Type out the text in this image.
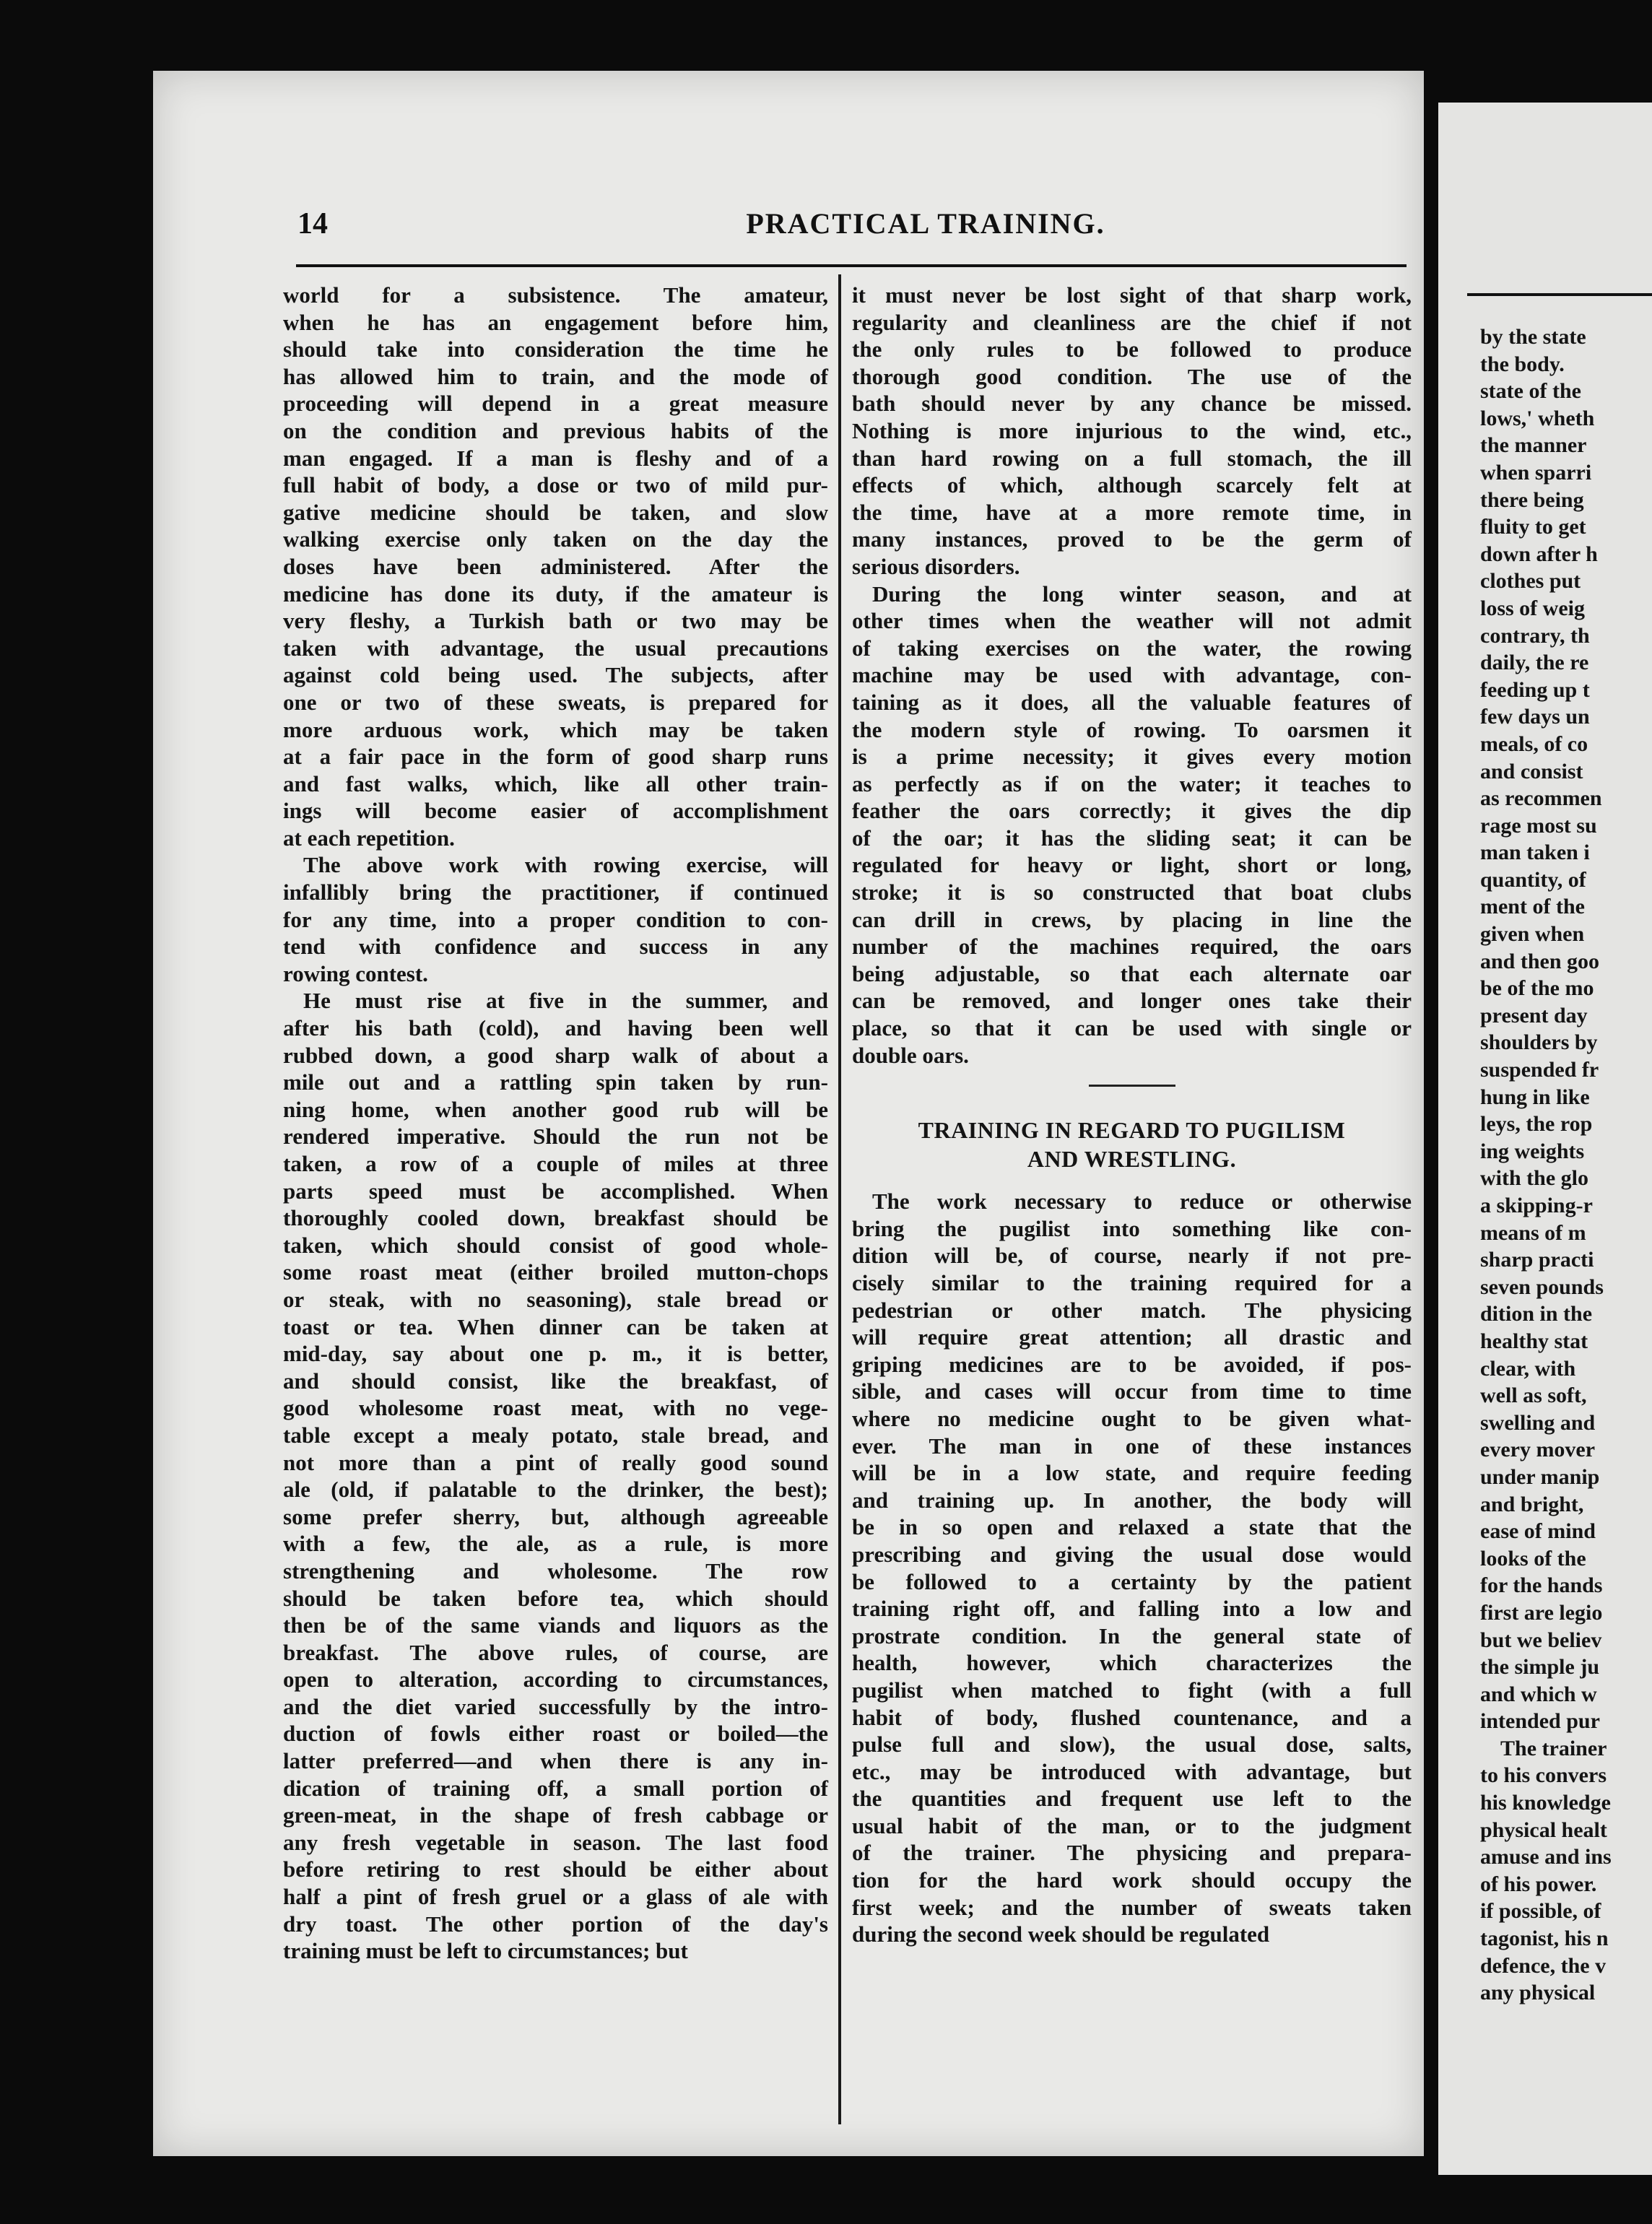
by the state
the body.
state of the
lows,' wheth
the manner
when sparri
there being
fluity to get
down after h
clothes put
loss of weig
contrary, th
daily, the re
feeding up t
few days un
meals, of co
and consist
as recommen
rage most su
man taken i
quantity, of
ment of the
given when
and then goo
be of the mo
present day
shoulders by
suspended fr
hung in like
leys, the rop
ing weights
with the glo
a skipping-r
means of m
sharp practi
seven pounds
dition in the
healthy stat
clear, with
well as soft,
swelling and
every mover
under manip
and bright,
ease of mind
looks of the
for the hands
first are legio
but we believ
the simple ju
and which w
intended pur
The trainer
to his convers
his knowledge
physical healt
amuse and ins
of his power.
if possible, of
tagonist, his n
defence, the v
any physical
14	PRACTICAL TRAINING.
world for a subsistence. The amateur,
when he has an engagement before him,
should take into consideration the time he
has allowed him to train, and the mode of
proceeding will depend in a great measure
on the condition and previous habits of the
man engaged. If a man is fleshy and of a
full habit of body, a dose or two of mild pur-
gative medicine should be taken, and slow
walking exercise only taken on the day the
doses have been administered. After the
medicine has done its duty, if the amateur is
very fleshy, a Turkish bath or two may be
taken with advantage, the usual precautions
against cold being used. The subjects, after
one or two of these sweats, is prepared for
more arduous work, which may be taken
at a fair pace in the form of good sharp runs
and fast walks, which, like all other train-
ings will become easier of accomplishment
at each repetition.
The above work with rowing exercise, will
infallibly bring the practitioner, if continued
for any time, into a proper condition to con-
tend with confidence and success in any
rowing contest.
He must rise at five in the summer, and
after his bath (cold), and having been well
rubbed down, a good sharp walk of about a
mile out and a rattling spin taken by run-
ning home, when another good rub will be
rendered imperative. Should the run not be
taken, a row of a couple of miles at three
parts speed must be accomplished. When
thoroughly cooled down, breakfast should be
taken, which should consist of good whole-
some roast meat (either broiled mutton-chops
or steak, with no seasoning), stale bread or
toast or tea. When dinner can be taken at
mid-day, say about one p. m., it is better,
and should consist, like the breakfast, of
good wholesome roast meat, with no vege-
table except a mealy potato, stale bread, and
not more than a pint of really good sound
ale (old, if palatable to the drinker, the best);
some prefer sherry, but, although agreeable
with a few, the ale, as a rule, is more
strengthening and wholesome. The row
should be taken before tea, which should
then be of the same viands and liquors as the
breakfast. The above rules, of course, are
open to alteration, according to circumstances,
and the diet varied successfully by the intro-
duction of fowls either roast or boiled—the
latter preferred—and when there is any in-
dication of training off, a small portion of
green-meat, in the shape of fresh cabbage or
any fresh vegetable in season. The last food
before retiring to rest should be either about
half a pint of fresh gruel or a glass of ale with
dry toast. The other portion of the day's
training must be left to circumstances; but
it must never be lost sight of that sharp work,
regularity and cleanliness are the chief if not
the only rules to be followed to produce
thorough good condition. The use of the
bath should never by any chance be missed.
Nothing is more injurious to the wind, etc.,
than hard rowing on a full stomach, the ill
effects of which, although scarcely felt at
the time, have at a more remote time, in
many instances, proved to be the germ of
serious disorders.
During the long winter season, and at
other times when the weather will not admit
of taking exercises on the water, the rowing
machine may be used with advantage, con-
taining as it does, all the valuable features of
the modern style of rowing. To oarsmen it
is a prime necessity; it gives every motion
as perfectly as if on the water; it teaches to
feather the oars correctly; it gives the dip
of the oar; it has the sliding seat; it can be
regulated for heavy or light, short or long,
stroke; it is so constructed that boat clubs
can drill in crews, by placing in line the
number of the machines required, the oars
being adjustable, so that each alternate oar
can be removed, and longer ones take their
place, so that it can be used with single or
double oars.
TRAINING IN REGARD TO PUGILISM
AND WRESTLING.
The work necessary to reduce or otherwise
bring the pugilist into something like con-
dition will be, of course, nearly if not pre-
cisely similar to the training required for a
pedestrian or other match. The physicing
will require great attention; all drastic and
griping medicines are to be avoided, if pos-
sible, and cases will occur from time to time
where no medicine ought to be given what-
ever. The man in one of these instances
will be in a low state, and require feeding
and training up. In another, the body will
be in so open and relaxed a state that the
prescribing and giving the usual dose would
be followed to a certainty by the patient
training right off, and falling into a low and
prostrate condition. In the general state of
health, however, which characterizes the
pugilist when matched to fight (with a full
habit of body, flushed countenance, and a
pulse full and slow), the usual dose, salts,
etc., may be introduced with advantage, but
the quantities and frequent use left to the
usual habit of the man, or to the judgment
of the trainer. The physicing and prepara-
tion for the hard work should occupy the
first week; and the number of sweats taken
during the second week should be regulated
